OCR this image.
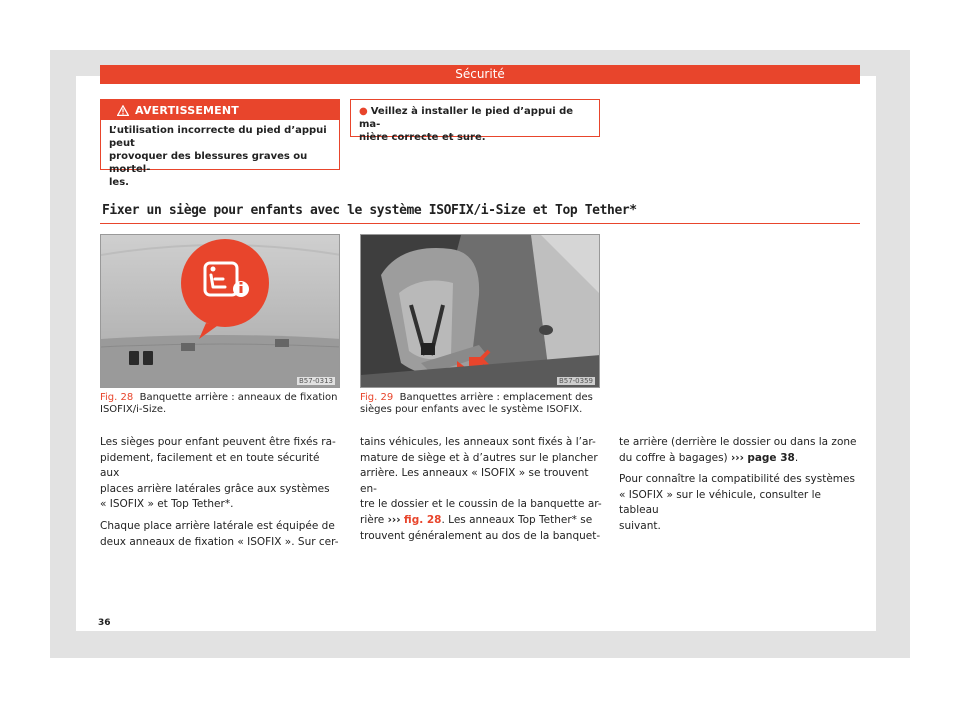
Sécurité
AVERTISSEMENT
L’utilisation incorrecte du pied d’appui peut
provoquer des blessures graves ou mortel-
les.
● Veillez à installer le pied d’appui de ma-
nière correcte et sure.
Fixer un siège pour enfants avec le système ISOFIX/i-Size et Top Tether*
B57-0313	B57-0359
Fig. 28 Banquette arrière : anneaux de fixation
ISOFIX/i-Size.
Fig. 29 Banquettes arrière : emplacement des
sièges pour enfants avec le système ISOFIX.

Les sièges pour enfant peuvent être fixés ra-
pidement, facilement et en toute sécurité aux
places arrière latérales grâce aux systèmes
« ISOFIX » et Top Tether*.

Chaque place arrière latérale est équipée de
deux anneaux de fixation « ISOFIX ». Sur cer-

tains véhicules, les anneaux sont fixés à l’ar-
mature de siège et à d’autres sur le plancher
arrière. Les anneaux « ISOFIX » se trouvent en-
tre le dossier et le coussin de la banquette ar-
rière ››› fig. 28. Les anneaux Top Tether* se
trouvent généralement au dos de la banquet-

te arrière (derrière le dossier ou dans la zone
du coffre à bagages) ››› page 38.

Pour connaître la compatibilité des systèmes
« ISOFIX » sur le véhicule, consulter le tableau
suivant.

36
